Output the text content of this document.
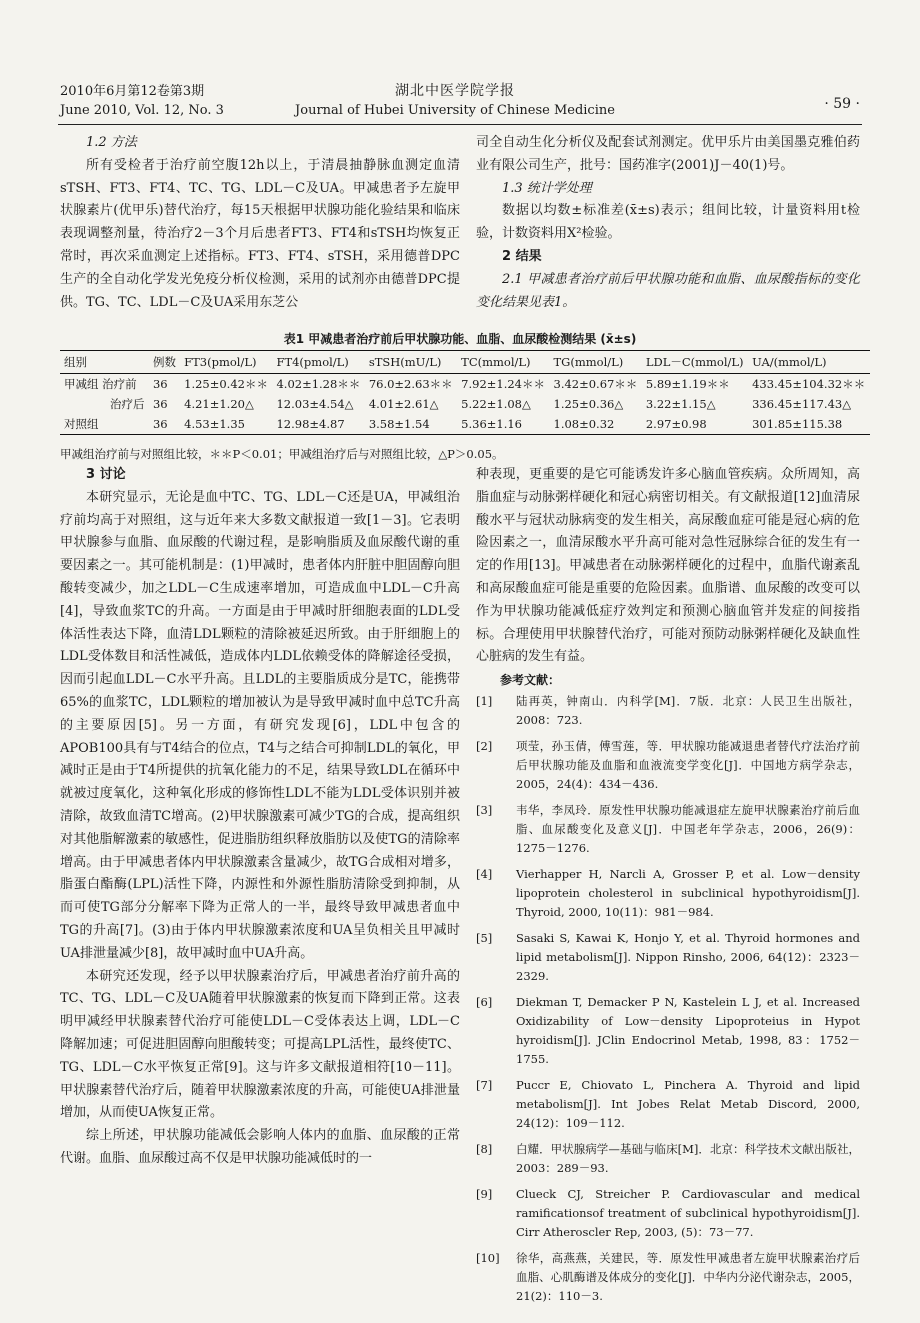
2010年6月第12卷第3期
June 2010, Vol. 12, No. 3
湖北中医学院学报
Journal of Hubei University of Chinese Medicine	· 59 ·

1.2 方法

所有受检者于治疗前空腹12h以上，于清晨抽静脉血测定血清sTSH、FT3、FT4、TC、TG、LDL－C及UA。甲减患者予左旋甲状腺素片(优甲乐)替代治疗，每15天根据甲状腺功能化验结果和临床表现调整剂量，待治疗2－3个月后患者FT3、FT4和sTSH均恢复正常时，再次采血测定上述指标。FT3、FT4、sTSH，采用德普DPC生产的全自动化学发光免疫分析仪检测，采用的试剂亦由德普DPC提供。TG、TC、LDL－C及UA采用东芝公

司全自动生化分析仪及配套试剂测定。优甲乐片由美国墨克雅伯药业有限公司生产，批号：国药准字(2001)J－40(1)号。

1.3 统计学处理

数据以均数±标准差(x̄±s)表示；组间比较，计量资料用t检验，计数资料用X²检验。

2 结果

2.1 甲减患者治疗前后甲状腺功能和血脂、血尿酸指标的变化变化结果见表1。

表1 甲减患者治疗前后甲状腺功能、血脂、血尿酸检测结果 (x̄±s)
组别	例数	FT3(pmol/L)	FT4(pmol/L)	sTSH(mU/L)	TC(mmol/L)	TG(mmol/L)	LDL－C(mmol/L)	UA/(mmol/L)
甲减组 治疗前	36	1.25±0.42＊＊	4.02±1.28＊＊	76.0±2.63＊＊	7.92±1.24＊＊	3.42±0.67＊＊	5.89±1.19＊＊	433.45±104.32＊＊
治疗后	36	4.21±1.20△	12.03±4.54△	4.01±2.61△	5.22±1.08△	1.25±0.36△	3.22±1.15△	336.45±117.43△
对照组	36	4.53±1.35	12.98±4.87	3.58±1.54	5.36±1.16	1.08±0.32	2.97±0.98	301.85±115.38
甲减组治疗前与对照组比较，＊＊P＜0.01；甲减组治疗后与对照组比较，△P＞0.05。

3 讨论

本研究显示，无论是血中TC、TG、LDL－C还是UA，甲减组治疗前均高于对照组，这与近年来大多数文献报道一致[1－3]。它表明甲状腺参与血脂、血尿酸的代谢过程，是影响脂质及血尿酸代谢的重要因素之一。其可能机制是：(1)甲减时，患者体内肝脏中胆固醇向胆酸转变减少，加之LDL－C生成速率增加，可造成血中LDL－C升高[4]，导致血浆TC的升高。一方面是由于甲减时肝细胞表面的LDL受体活性表达下降，血清LDL颗粒的清除被延迟所致。由于肝细胞上的LDL受体数目和活性减低，造成体内LDL依赖受体的降解途径受损，因而引起血LDL－C水平升高。且LDL的主要脂质成分是TC，能携带65%的血浆TC，LDL颗粒的增加被认为是导致甲减时血中总TC升高的主要原因[5]。另一方面，有研究发现[6]，LDL中包含的APOB100具有与T4结合的位点，T4与之结合可抑制LDL的氧化，甲减时正是由于T4所提供的抗氧化能力的不足，结果导致LDL在循环中就被过度氧化，这种氧化形成的修饰性LDL不能为LDL受体识别并被清除，故致血清TC增高。(2)甲状腺激素可减少TG的合成，提高组织对其他脂解激素的敏感性，促进脂肪组织释放脂肪以及使TG的清除率增高。由于甲减患者体内甲状腺激素含量减少，故TG合成相对增多，脂蛋白酯酶(LPL)活性下降，内源性和外源性脂肪清除受到抑制，从而可使TG部分分解率下降为正常人的一半，最终导致甲减患者血中TG的升高[7]。(3)由于体内甲状腺激素浓度和UA呈负相关且甲减时UA排泄量减少[8]，故甲减时血中UA升高。

本研究还发现，经予以甲状腺素治疗后，甲减患者治疗前升高的TC、TG、LDL－C及UA随着甲状腺激素的恢复而下降到正常。这表明甲减经甲状腺素替代治疗可能使LDL－C受体表达上调，LDL－C降解加速；可促进胆固醇向胆酸转变；可提高LPL活性，最终使TC、TG、LDL－C水平恢复正常[9]。这与许多文献报道相符[10－11]。甲状腺素替代治疗后，随着甲状腺激素浓度的升高，可能使UA排泄量增加，从而使UA恢复正常。

综上所述，甲状腺功能减低会影响人体内的血脂、血尿酸的正常代谢。血脂、血尿酸过高不仅是甲状腺功能减低时的一

种表现，更重要的是它可能诱发许多心脑血管疾病。众所周知，高脂血症与动脉粥样硬化和冠心病密切相关。有文献报道[12]血清尿酸水平与冠状动脉病变的发生相关，高尿酸血症可能是冠心病的危险因素之一，血清尿酸水平升高可能对急性冠脉综合征的发生有一定的作用[13]。甲减患者在动脉粥样硬化的过程中，血脂代谢紊乱和高尿酸血症可能是重要的危险因素。血脂谱、血尿酸的改变可以作为甲状腺功能减低症疗效判定和预测心脑血管并发症的间接指标。合理使用甲状腺替代治疗，可能对预防动脉粥样硬化及缺血性心脏病的发生有益。

参考文献：

[1] 陆再英，钟南山．内科学[M]．7版．北京：人民卫生出版社，2008：723.
[2] 项莹，孙玉倩，傅雪莲，等．甲状腺功能减退患者替代疗法治疗前后甲状腺功能及血脂和血液流变学变化[J]．中国地方病学杂志，2005，24(4)：434－436.
[3] 韦华，李凤玲．原发性甲状腺功能减退症左旋甲状腺素治疗前后血脂、血尿酸变化及意义[J]．中国老年学杂志，2006，26(9)：1275－1276.
[4] Vierhapper H, Narcli A, Grosser P, et al. Low－density lipoprotein cholesterol in subclinical hypothyroidism[J]. Thyroid, 2000, 10(11)：981－984.
[5] Sasaki S, Kawai K, Honjo Y, et al. Thyroid hormones and lipid metabolism[J]. Nippon Rinsho, 2006, 64(12)：2323－2329.
[6] Diekman T, Demacker P N, Kastelein L J, et al. Increased Oxidizability of Low－density Lipoproteius in Hypot hyroidism[J]. JClin Endocrinol Metab, 1998, 83：1752－1755.
[7] Puccr E, Chiovato L, Pinchera A. Thyroid and lipid metabolism[J]. Int Jobes Relat Metab Discord, 2000, 24(12)：109－112.
[8] 白耀．甲状腺病学—基础与临床[M]．北京：科学技术文献出版社，2003：289－93.
[9] Clueck CJ, Streicher P. Cardiovascular and medical ramificationsof treatment of subclinical hypothyroidism[J]. Cirr Atheroscler Rep, 2003, (5)：73－77.
[10] 徐华，高燕燕，关建民，等．原发性甲减患者左旋甲状腺素治疗后血脂、心肌酶谱及体成分的变化[J]．中华内分泌代谢杂志，2005，21(2)：110－3.
